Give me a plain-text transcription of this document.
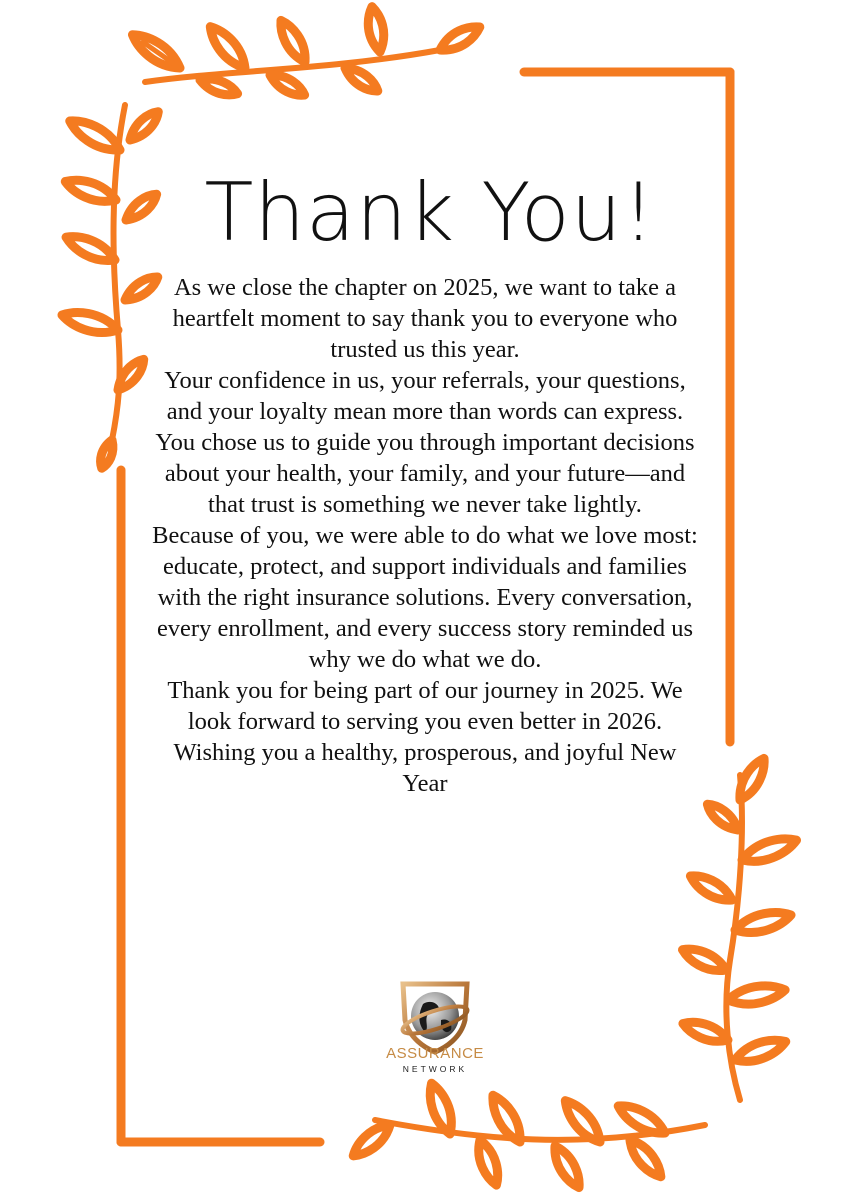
Thank You!

As we close the chapter on 2025, we want to take a heartfelt moment to say thank you to everyone who trusted us this year.

Your confidence in us, your referrals, your questions, and your loyalty mean more than words can express. You chose us to guide you through important decisions about your health, your family, and your future—and that trust is something we never take lightly.

Because of you, we were able to do what we love most: educate, protect, and support individuals and families with the right insurance solutions. Every conversation, every enrollment, and every success story reminded us why we do what we do.

Thank you for being part of our journey in 2025. We look forward to serving you even better in 2026.

Wishing you a healthy, prosperous, and joyful New Year

ASSURANCE
NETWORK
